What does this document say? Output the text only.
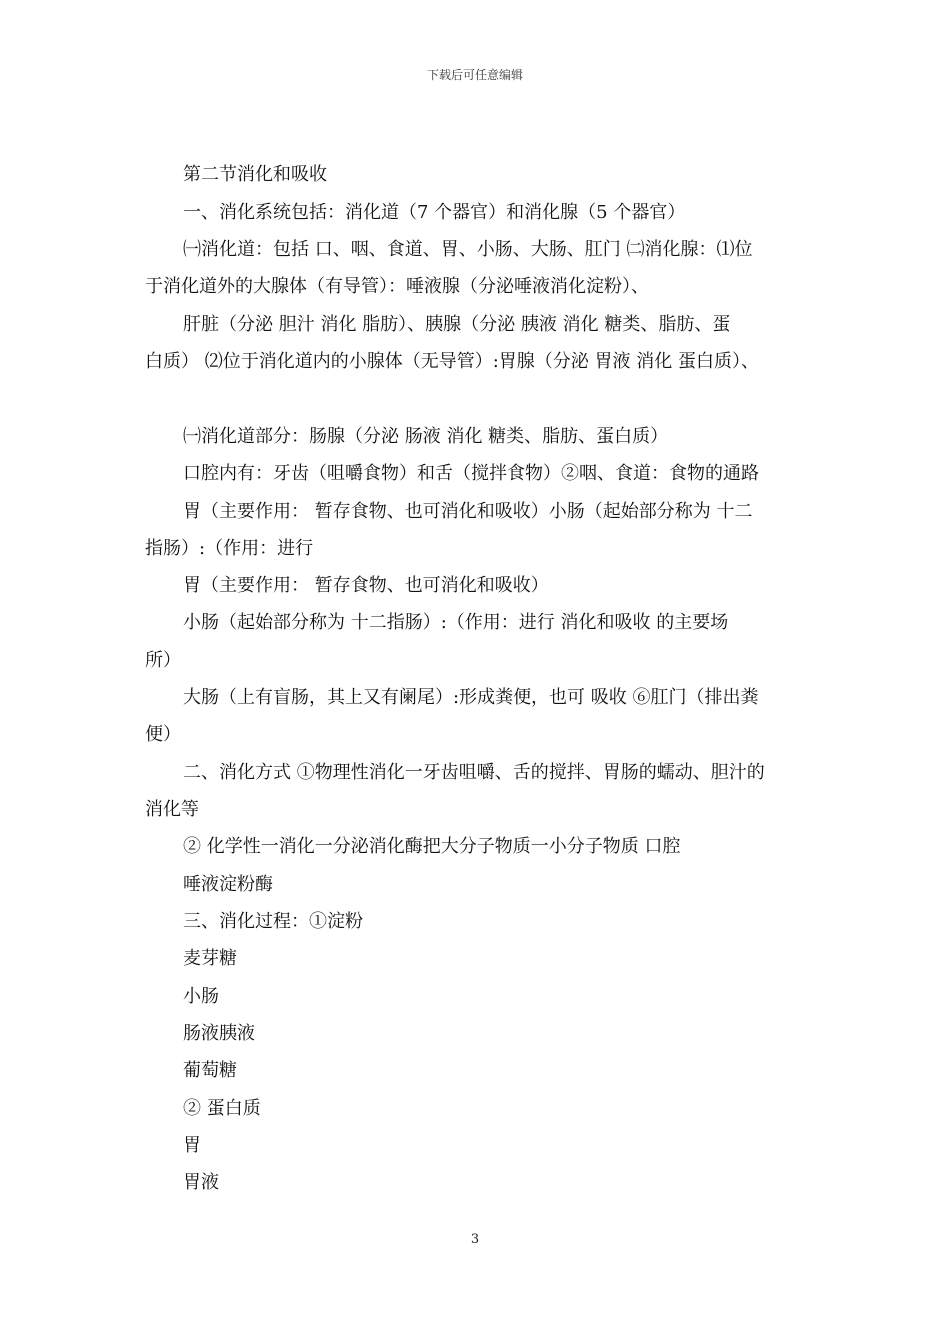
下载后可任意编辑
第二节消化和吸收
一、消化系统包括：消化道（7 个器官）和消化腺（5 个器官）
㈠消化道：包括 口、咽、食道、胃、小肠、大肠、肛门 ㈡消化腺：⑴位
于消化道外的大腺体（有导管）：唾液腺（分泌唾液消化淀粉）、
肝脏（分泌 胆汁 消化 脂肪）、胰腺（分泌 胰液 消化 糖类、脂肪、蛋
白质） ⑵位于消化道内的小腺体（无导管）:胃腺（分泌 胃液 消化 蛋白质）、
㈠消化道部分：肠腺（分泌 肠液 消化 糖类、脂肪、蛋白质）
口腔内有：牙齿（咀嚼食物）和舌（搅拌食物）②咽、食道：食物的通路
胃（主要作用： 暂存食物、也可消化和吸收）小肠（起始部分称为 十二
指肠）:（作用：进行
胃（主要作用： 暂存食物、也可消化和吸收）
小肠（起始部分称为 十二指肠）:（作用：进行 消化和吸收 的主要场
所）
大肠（上有盲肠，其上又有阑尾）:形成粪便，也可 吸收 ⑥肛门（排出粪
便）
二、消化方式 ①物理性消化一牙齿咀嚼、舌的搅拌、胃肠的蠕动、胆汁的
消化等
② 化学性一消化一分泌消化酶把大分子物质一小分子物质 口腔
唾液淀粉酶
三、消化过程：①淀粉
麦芽糖
小肠
肠液胰液
葡萄糖
② 蛋白质
胃
胃液
3
